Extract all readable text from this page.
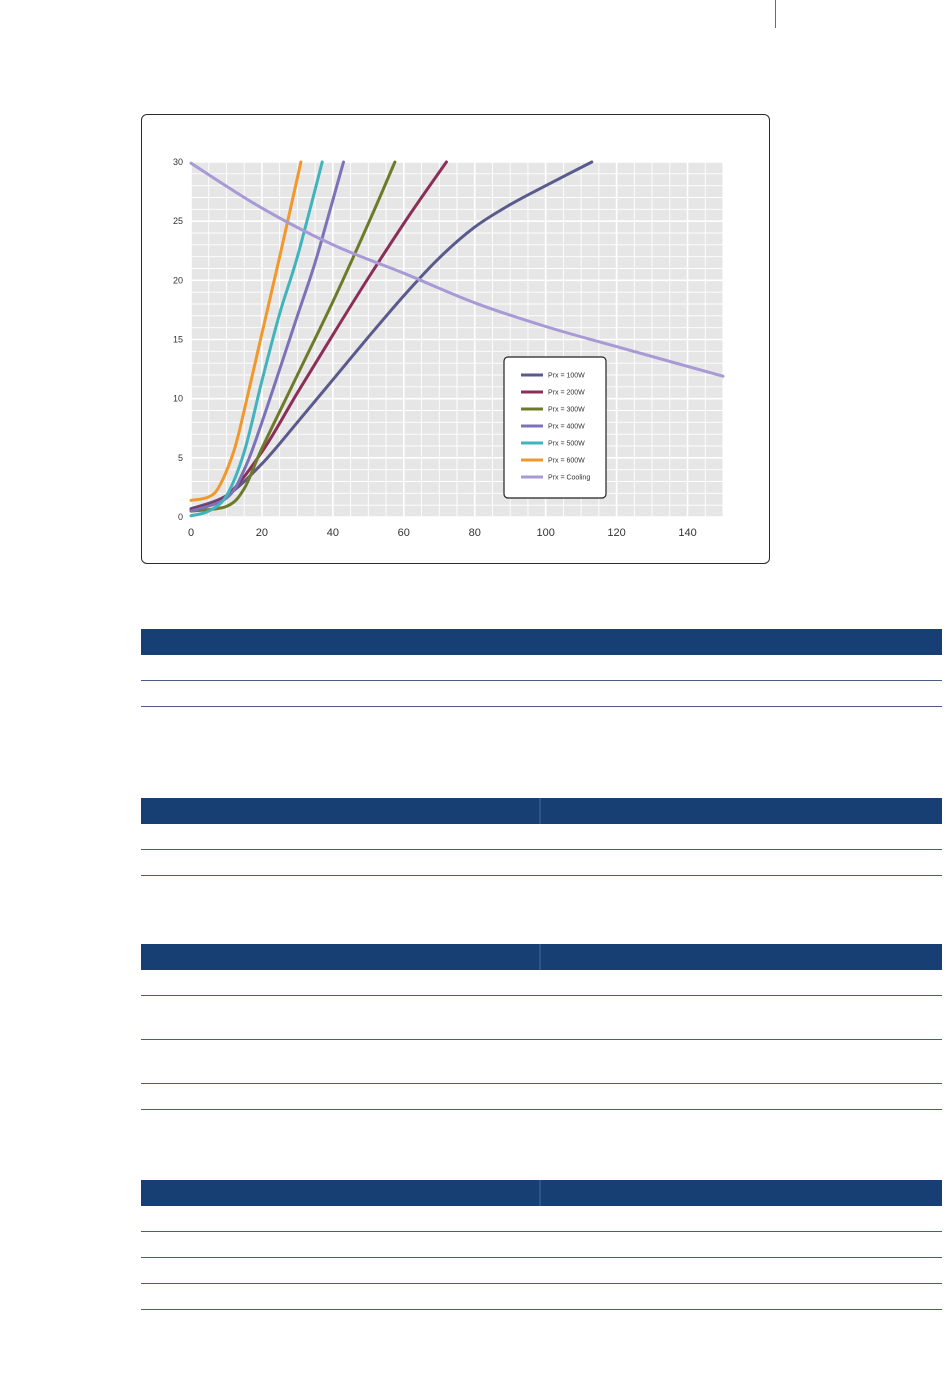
0	20	40	60	80	100	120	140
0
5
10
15
20
25
30
Prx = 100W
Prx = 200W
Prx = 300W
Prx = 400W
Prx = 500W
Prx = 600W
Prx = Cooling
